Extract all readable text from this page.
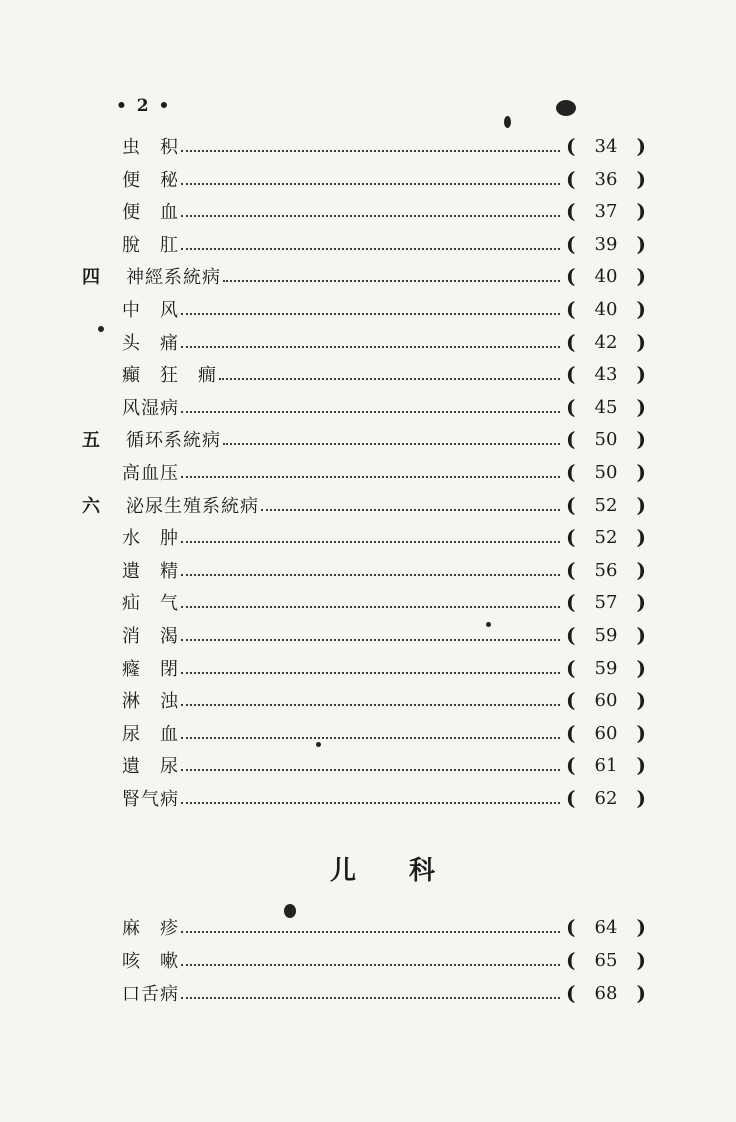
• 2 •
虫　积	( 34 )
便　秘	( 36 )
便　血	( 37 )
脫　肛	( 39 )
四 神經系統病	( 40 )
中　风	( 40 )
头　痛	( 42 )
癲　狂　癇	( 43 )
风湿病	( 45 )
五 循环系統病	( 50 )
高血压	( 50 )
六 泌尿生殖系統病	( 52 )
水　肿	( 52 )
遺　精	( 56 )
疝　气	( 57 )
消　渴	( 59 )
癃　閉	( 59 )
淋　浊	( 60 )
尿　血	( 60 )
遺　尿	( 61 )
腎气病	( 62 )
麻　疹	( 64 )
咳　嗽	( 65 )
口舌病	( 68 )
儿 科
